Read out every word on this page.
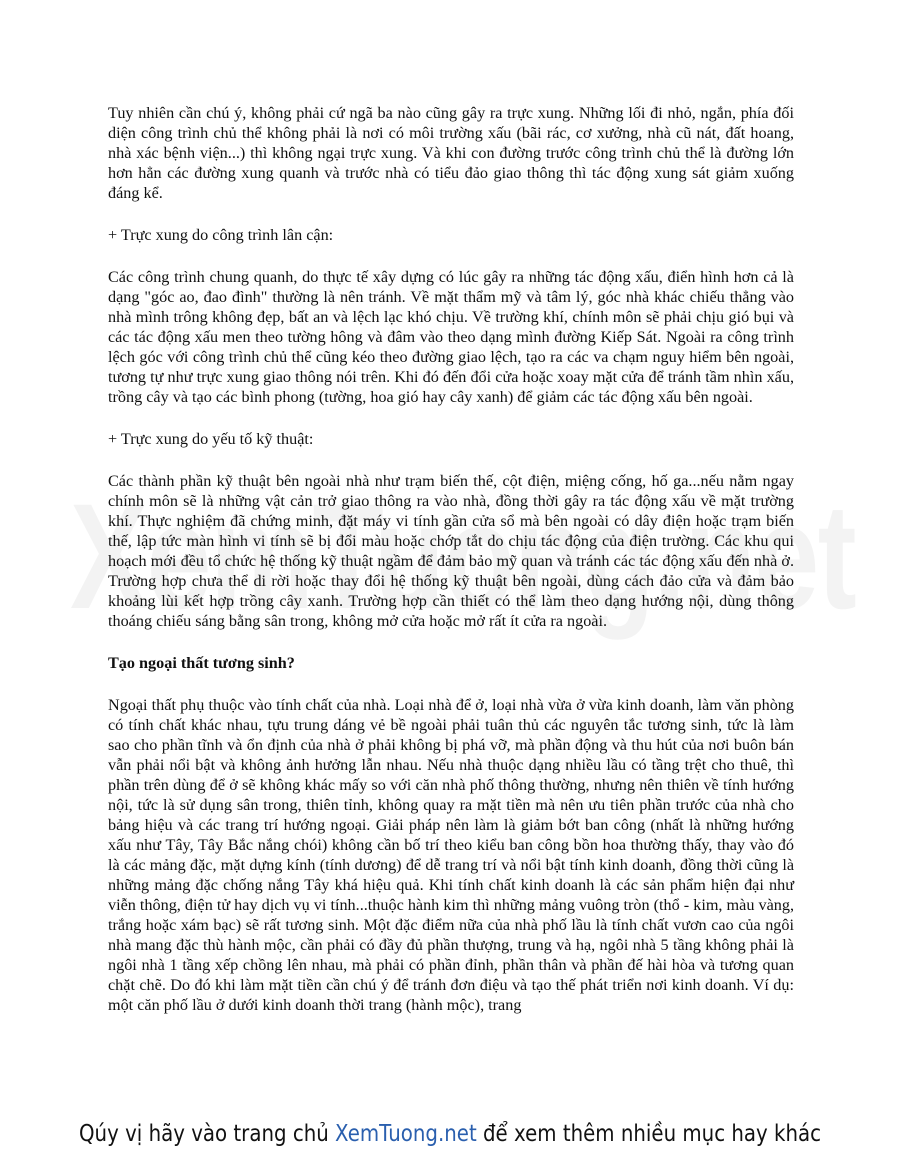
Tuy nhiên cần chú ý, không phải cứ ngã ba nào cũng gây ra trực xung. Những lối đi nhỏ, ngắn, phía đối diện công trình chủ thể không phải là nơi có môi trường xấu (bãi rác, cơ xưởng, nhà cũ nát, đất hoang, nhà xác bệnh viện...) thì không ngại trực xung. Và khi con đường trước công trình chủ thể là đường lớn hơn hẳn các đường xung quanh và trước nhà có tiểu đảo giao thông thì tác động xung sát giảm xuống đáng kể.

+ Trực xung do công trình lân cận:

Các công trình chung quanh, do thực tế xây dựng có lúc gây ra những tác động xấu, điển hình hơn cả là dạng "góc ao, đao đình" thường là nên tránh. Về mặt thẩm mỹ và tâm lý, góc nhà khác chiếu thẳng vào nhà mình trông không đẹp, bất an và lệch lạc khó chịu. Về trường khí, chính môn sẽ phải chịu gió bụi và các tác động xấu men theo tường hông và đâm vào theo dạng mình đường Kiếp Sát. Ngoài ra công trình lệch góc với công trình chủ thể cũng kéo theo đường giao lệch, tạo ra các va chạm nguy hiểm bên ngoài, tương tự như trực xung giao thông nói trên. Khi đó đến đổi cửa hoặc xoay mặt cửa để tránh tầm nhìn xấu, trồng cây và tạo các bình phong (tường, hoa gió hay cây xanh) để giảm các tác động xấu bên ngoài.

+ Trực xung do yếu tố kỹ thuật:

Các thành phần kỹ thuật bên ngoài nhà như trạm biến thế, cột điện, miệng cống, hố ga...nếu nằm ngay chính môn sẽ là những vật cản trở giao thông ra vào nhà, đồng thời gây ra tác động xấu về mặt trường khí. Thực nghiệm đã chứng minh, đặt máy vi tính gần cửa sổ mà bên ngoài có dây điện hoặc trạm biến thế, lập tức màn hình vi tính sẽ bị đổi màu hoặc chớp tắt do chịu tác động của điện trường. Các khu qui hoạch mới đều tổ chức hệ thống kỹ thuật ngầm để đảm bảo mỹ quan và tránh các tác động xấu đến nhà ở. Trường hợp chưa thể di rời hoặc thay đổi hệ thống kỹ thuật bên ngoài, dùng cách đảo cửa và đảm bảo khoảng lùi kết hợp trồng cây xanh. Trường hợp cần thiết có thể làm theo dạng hướng nội, dùng thông thoáng chiếu sáng bằng sân trong, không mở cửa hoặc mở rất ít cửa ra ngoài.

Tạo ngoại thất tương sinh?

Ngoại thất phụ thuộc vào tính chất của nhà. Loại nhà để ở, loại nhà vừa ở vừa kinh doanh, làm văn phòng có tính chất khác nhau, tựu trung dáng vẻ bề ngoài phải tuân thủ các nguyên tắc tương sinh, tức là làm sao cho phần tĩnh và ổn định của nhà ở phải không bị phá vỡ, mà phần động và thu hút của nơi buôn bán vẫn phải nổi bật và không ảnh hưởng lẫn nhau. Nếu nhà thuộc dạng nhiều lầu có tầng trệt cho thuê, thì phần trên dùng để ở sẽ không khác mấy so với căn nhà phố thông thường, nhưng nên thiên về tính hướng nội, tức là sử dụng sân trong, thiên tỉnh, không quay ra mặt tiền mà nên ưu tiên phần trước của nhà cho bảng hiệu và các trang trí hướng ngoại. Giải pháp nên làm là giảm bớt ban công (nhất là những hướng xấu như Tây, Tây Bắc nắng chói) không cần bố trí theo kiểu ban công bồn hoa thường thấy, thay vào đó là các mảng đặc, mặt dựng kính (tính dương) để dễ trang trí và nổi bật tính kinh doanh, đồng thời cũng là những mảng đặc chống nắng Tây khá hiệu quả. Khi tính chất kinh doanh là các sản phẩm hiện đại như viễn thông, điện tử hay dịch vụ vi tính...thuộc hành kim thì những mảng vuông tròn (thổ - kim, màu vàng, trắng hoặc xám bạc) sẽ rất tương sinh. Một đặc điểm nữa của nhà phố lầu là tính chất vươn cao của ngôi nhà mang đặc thù hành mộc, cần phải có đầy đủ phần thượng, trung và hạ, ngôi nhà 5 tầng không phải là ngôi nhà 1 tầng xếp chồng lên nhau, mà phải có phần đỉnh, phần thân và phần đế hài hòa và tương quan chặt chẽ. Do đó khi làm mặt tiền cần chú ý để tránh đơn điệu và tạo thế phát triển nơi kinh doanh. Ví dụ: một căn phố lầu ở dưới kinh doanh thời trang (hành mộc), trang

Qúy vị hãy vào trang chủ XemTuong.net để xem thêm nhiều mục hay khác
